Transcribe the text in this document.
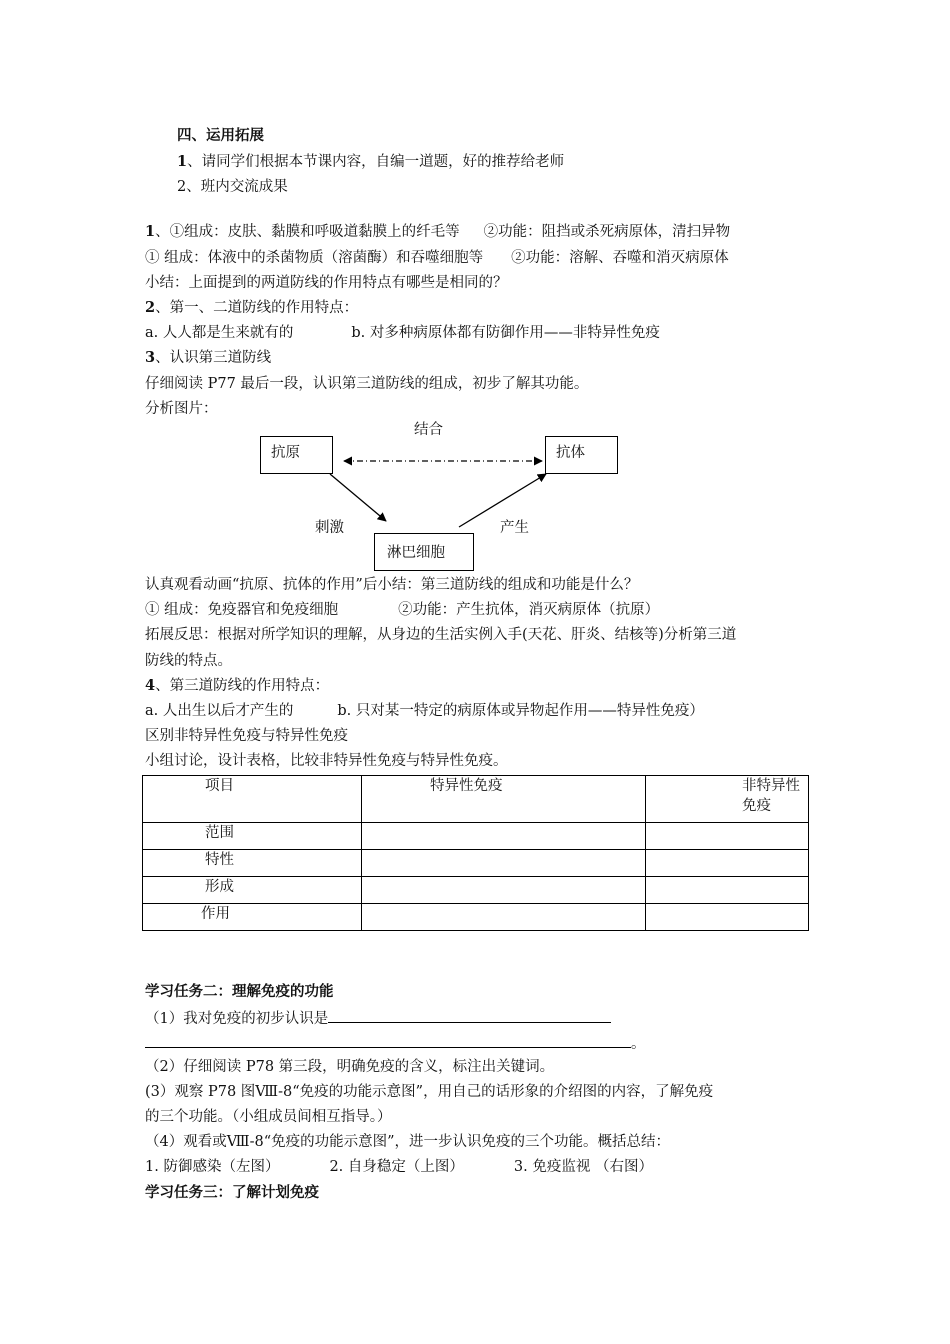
四、运用拓展
1、请同学们根据本节课内容，自编一道题，好的推荐给老师
2、班内交流成果
1、①组成：皮肤、黏膜和呼吸道黏膜上的纤毛等 ②功能：阻挡或杀死病原体，清扫异物
① 组成：体液中的杀菌物质（溶菌酶）和吞噬细胞等 ②功能：溶解、吞噬和消灭病原体
小结：上面提到的两道防线的作用特点有哪些是相同的？
2、第一、二道防线的作用特点：
a. 人人都是生来就有的	b. 对多种病原体都有防御作用——非特异性免疫
3、认识第三道防线
仔细阅读 P77 最后一段，认识第三道防线的组成，初步了解其功能。
分析图片：
结合
抗原	抗体
淋巴细胞
刺激	产生
认真观看动画“抗原、抗体的作用”后小结：第三道防线的组成和功能是什么？
① 组成：免疫器官和免疫细胞	②功能：产生抗体，消灭病原体（抗原）
拓展反思：根据对所学知识的理解，从身边的生活实例入手(天花、肝炎、结核等)分析第三道
防线的特点。
4、第三道防线的作用特点：
a. 人出生以后才产生的	b. 只对某一特定的病原体或异物起作用——特异性免疫）
区别非特异性免疫与特异性免疫
小组讨论，设计表格，比较非特异性免疫与特异性免疫。
项目	特异性免疫	非特异性免疫
范围		
特性		
形成		
作用		
学习任务二：理解免疫的功能
（1）我对免疫的初步认识是
。
（2）仔细阅读 P78 第三段，明确免疫的含义，标注出关键词。
(3）观察 P78 图Ⅷ-8“免疫的功能示意图”，用自己的话形象的介绍图的内容，了解免疫
的三个功能。（小组成员间相互指导。）
（4）观看或Ⅷ-8“免疫的功能示意图”，进一步认识免疫的三个功能。概括总结：
1. 防御感染（左图）	2. 自身稳定（上图）	3. 免疫监视 （右图）
学习任务三：了解计划免疫
